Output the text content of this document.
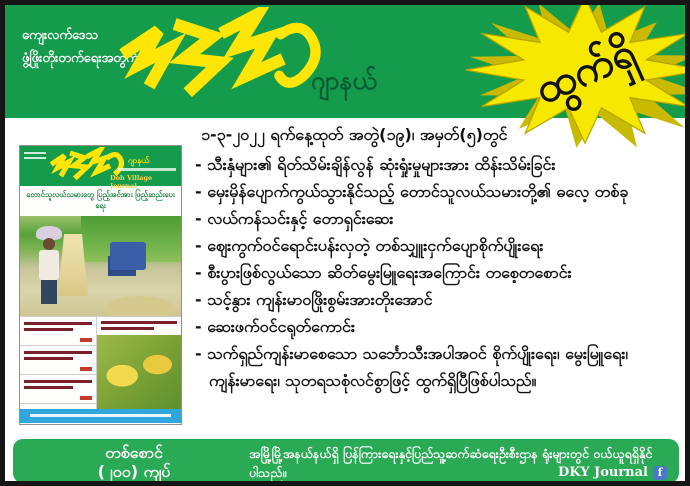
ကျေးလက်ဒေသ
ဖွံ့ဖြိုးတိုးတက်ရေးအတွက်
ဂျာနယ်	ထွက်ရှိ
ဂျာနယ်
Doh Village Journal
တောင်သူလယ်သမားတွေ ပြည့်အင်အား ဖြည့်ဆည်းပေးရေး

၁-၃-၂၀၂၂ ရက်နေ့ထုတ် အတွဲ(၁၉)၊ အမှတ်(၅)တွင်

- သီးနှံများ၏ ရိတ်သိမ်းချိန်လွန် ဆုံးရှုံးမှုများအား ထိန်းသိမ်းခြင်း
- မှေးမှိန်ပျောက်ကွယ်သွားနိုင်သည့် တောင်သူလယ်သမားတို့၏ ဓလေ့ တစ်ခု
- လယ်ကန်သင်းနှင့် တောရှင်းဆေး
- ဈေးကွက်ဝင်ရောင်းပန်းလှတဲ့ တစ်သျှူးငှက်ပျောစိုက်ပျိုးရေး
- စီးပွားဖြစ်လွယ်သော ဆိတ်မွေးမြူရေးအကြောင်း တစေ့တစောင်း
- သင့်နွား ကျန်းမာဝဖြိုးစွမ်းအားတိုးအောင်
- ဆေးဖက်ဝင်ငရုတ်ကောင်း
- သက်ရှည်ကျန်းမာစေသော သင်္ဘောသီးအပါအဝင် စိုက်ပျိုးရေး၊ မွေးမြူရေး၊ ကျန်းမာရေး၊ သုတရသစုံလင်စွာဖြင့် ထွက်ရှိပြီဖြစ်ပါသည်။
တစ်စောင်
(၂၀၀) ကျပ်
အမြို့မြို့အနယ်နယ်ရှိ ပြန်ကြားရေးနှင့်ပြည်သူ့ဆက်ဆံရေးဦးစီးဌာန ရုံးများတွင် ဝယ်ယူရရှိနိုင်ပါသည်။	DKY Journal f
